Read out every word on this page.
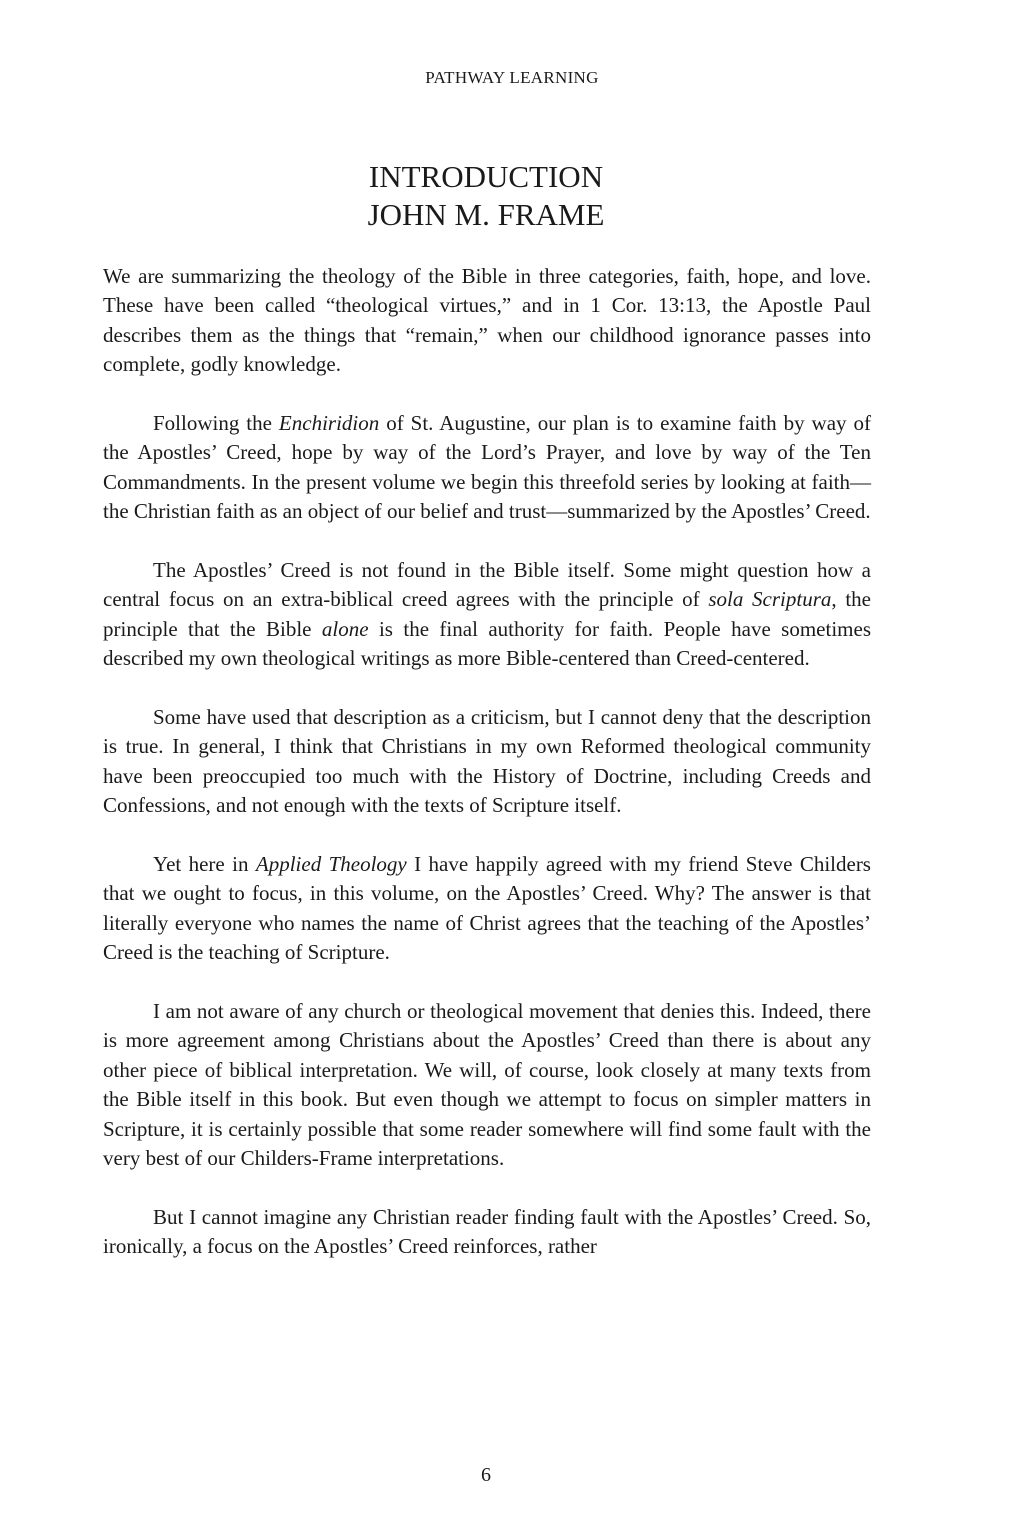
PATHWAY LEARNING
INTRODUCTION
JOHN M. FRAME

We are summarizing the theology of the Bible in three categories, faith, hope, and love. These have been called “theological virtues,” and in 1 Cor. 13:13, the Apostle Paul describes them as the things that “remain,” when our childhood ignorance passes into complete, godly knowledge.

Following the Enchiridion of St. Augustine, our plan is to examine faith by way of the Apostles’ Creed, hope by way of the Lord’s Prayer, and love by way of the Ten Commandments. In the present volume we begin this threefold series by looking at faith—the Christian faith as an object of our belief and trust—summarized by the Apostles’ Creed.

The Apostles’ Creed is not found in the Bible itself. Some might question how a central focus on an extra-biblical creed agrees with the principle of sola Scriptura, the principle that the Bible alone is the final authority for faith. People have sometimes described my own theological writings as more Bible-centered than Creed-centered.

Some have used that description as a criticism, but I cannot deny that the description is true. In general, I think that Christians in my own Reformed theological community have been preoccupied too much with the History of Doctrine, including Creeds and Confessions, and not enough with the texts of Scripture itself.

Yet here in Applied Theology I have happily agreed with my friend Steve Childers that we ought to focus, in this volume, on the Apostles’ Creed. Why? The answer is that literally everyone who names the name of Christ agrees that the teaching of the Apostles’ Creed is the teaching of Scripture.

I am not aware of any church or theological movement that denies this. Indeed, there is more agreement among Christians about the Apostles’ Creed than there is about any other piece of biblical interpretation. We will, of course, look closely at many texts from the Bible itself in this book. But even though we attempt to focus on simpler matters in Scripture, it is certainly possible that some reader somewhere will find some fault with the very best of our Childers-Frame interpretations.

But I cannot imagine any Christian reader finding fault with the Apostles’ Creed. So, ironically, a focus on the Apostles’ Creed reinforces, rather

6
